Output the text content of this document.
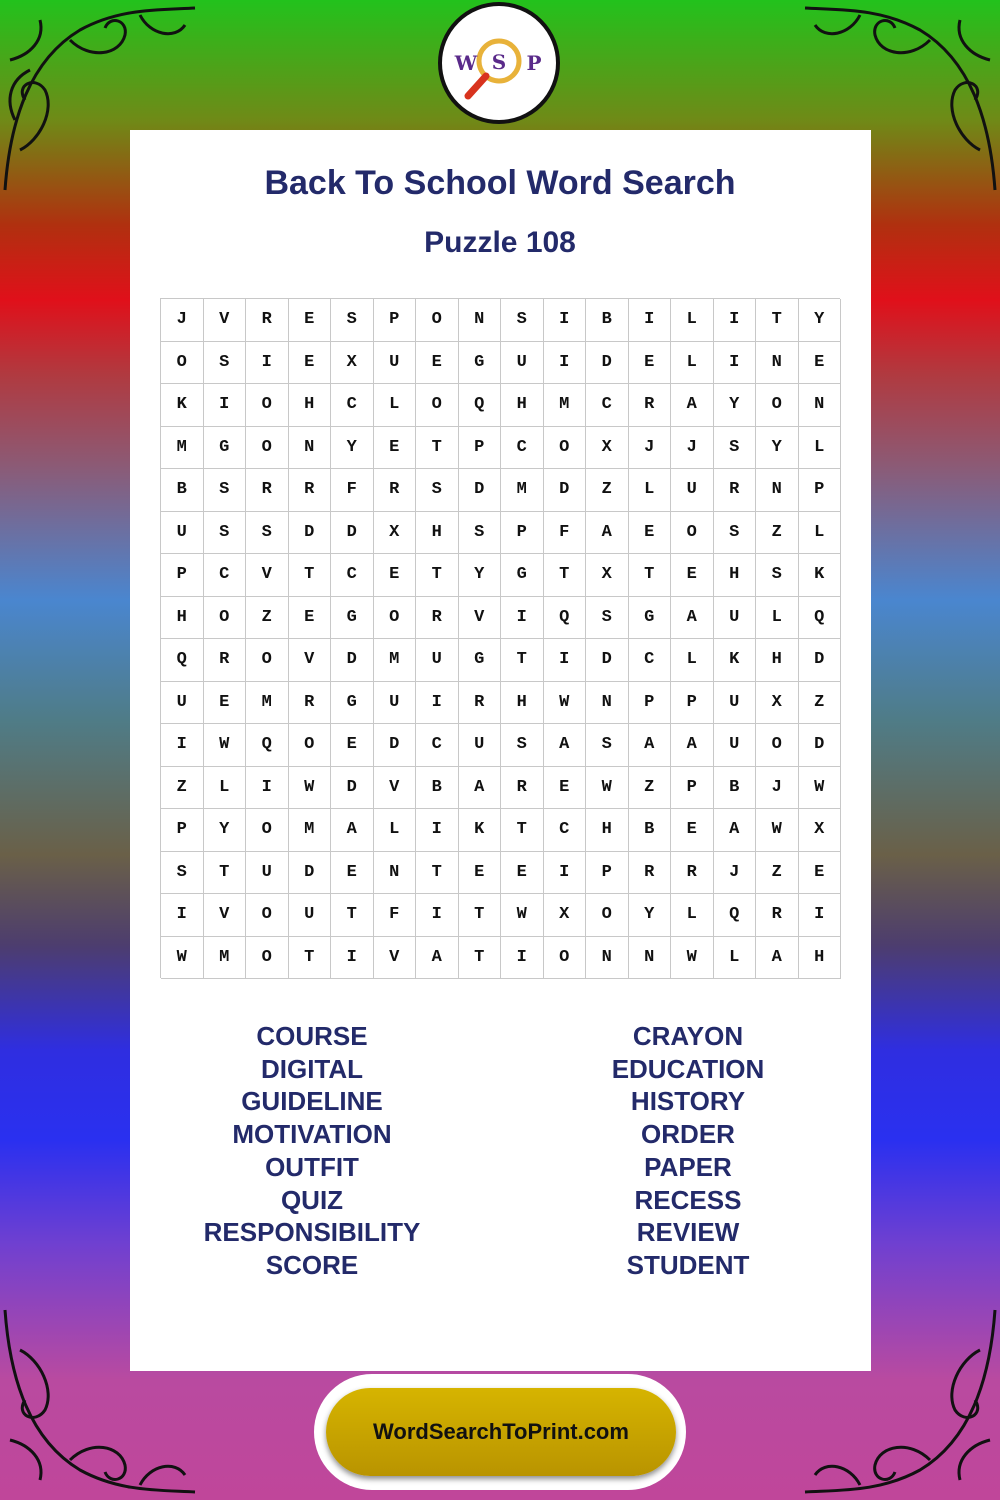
W S P
Back To School Word Search
Puzzle 108
J	V	R	E	S	P	O	N	S	I	B	I	L	I	T	Y
O	S	I	E	X	U	E	G	U	I	D	E	L	I	N	E
K	I	O	H	C	L	O	Q	H	M	C	R	A	Y	O	N
M	G	O	N	Y	E	T	P	C	O	X	J	J	S	Y	L
B	S	R	R	F	R	S	D	M	D	Z	L	U	R	N	P
U	S	S	D	D	X	H	S	P	F	A	E	O	S	Z	L
P	C	V	T	C	E	T	Y	G	T	X	T	E	H	S	K
H	O	Z	E	G	O	R	V	I	Q	S	G	A	U	L	Q
Q	R	O	V	D	M	U	G	T	I	D	C	L	K	H	D
U	E	M	R	G	U	I	R	H	W	N	P	P	U	X	Z
I	W	Q	O	E	D	C	U	S	A	S	A	A	U	O	D
Z	L	I	W	D	V	B	A	R	E	W	Z	P	B	J	W
P	Y	O	M	A	L	I	K	T	C	H	B	E	A	W	X
S	T	U	D	E	N	T	E	E	I	P	R	R	J	Z	E
I	V	O	U	T	F	I	T	W	X	O	Y	L	Q	R	I
W	M	O	T	I	V	A	T	I	O	N	N	W	L	A	H
COURSE
DIGITAL
GUIDELINE
MOTIVATION
OUTFIT
QUIZ
RESPONSIBILITY
SCORE
CRAYON
EDUCATION
HISTORY
ORDER
PAPER
RECESS
REVIEW
STUDENT
WordSearchToPrint.com
